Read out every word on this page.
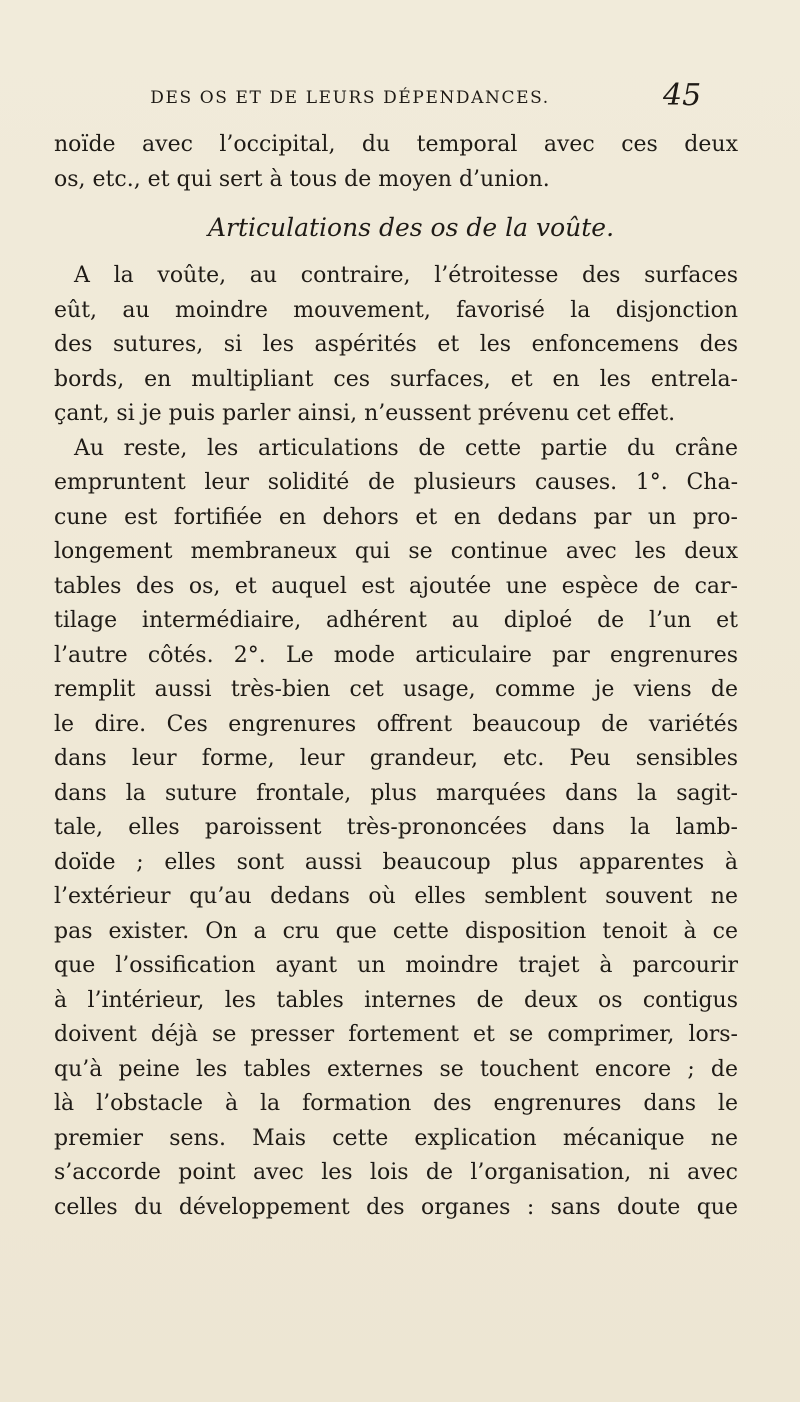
DES OS ET DE LEURS DÉPENDANCES.	45
noïde avec l’occipital, du temporal avec ces deux
os, etc., et qui sert à tous de moyen d’union.
Articulations des os de la voûte.
A la voûte, au contraire, l’étroitesse des surfaces
eût, au moindre mouvement, favorisé la disjonction
des sutures, si les aspérités et les enfoncemens des
bords, en multipliant ces surfaces, et en les entrela-
çant, si je puis parler ainsi, n’eussent prévenu cet effet.
Au reste, les articulations de cette partie du crâne
empruntent leur solidité de plusieurs causes. 1°. Cha-
cune est fortifiée en dehors et en dedans par un pro-
longement membraneux qui se continue avec les deux
tables des os, et auquel est ajoutée une espèce de car-
tilage intermédiaire, adhérent au diploé de l’un et
l’autre côtés. 2°. Le mode articulaire par engrenures
remplit aussi très-bien cet usage, comme je viens de
le dire. Ces engrenures offrent beaucoup de variétés
dans leur forme, leur grandeur, etc. Peu sensibles
dans la suture frontale, plus marquées dans la sagit-
tale, elles paroissent très-prononcées dans la lamb-
doïde ; elles sont aussi beaucoup plus apparentes à
l’extérieur qu’au dedans où elles semblent souvent ne
pas exister. On a cru que cette disposition tenoit à ce
que l’ossification ayant un moindre trajet à parcourir
à l’intérieur, les tables internes de deux os contigus
doivent déjà se presser fortement et se comprimer, lors-
qu’à peine les tables externes se touchent encore ; de
là l’obstacle à la formation des engrenures dans le
premier sens. Mais cette explication mécanique ne
s’accorde point avec les lois de l’organisation, ni avec
celles du développement des organes : sans doute que
